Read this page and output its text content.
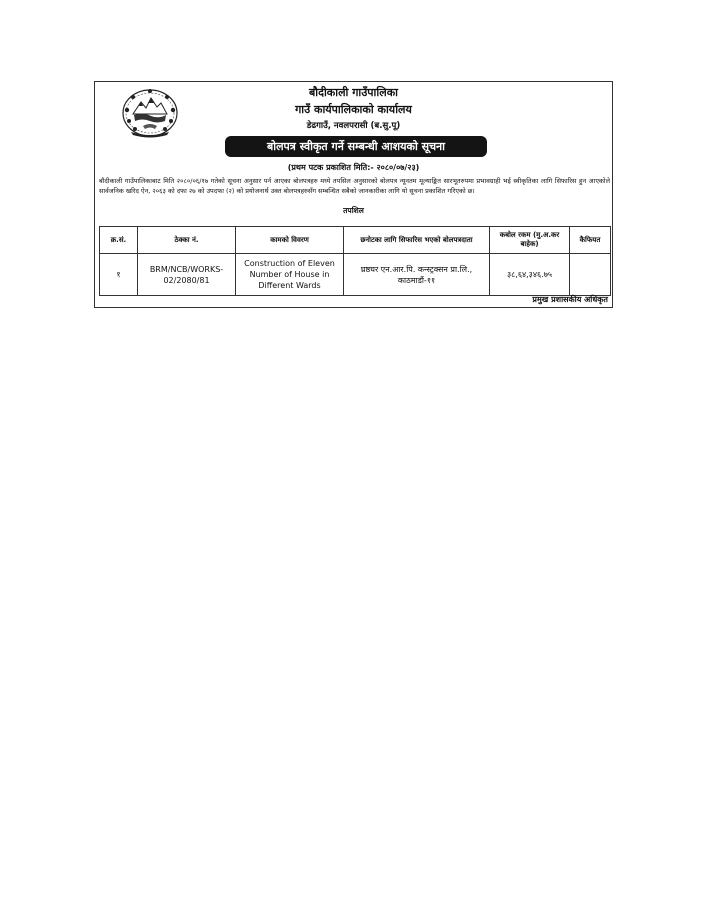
बौदीकाली गाउँपालिका
गाउँ कार्यपालिकाको कार्यालय
डेढगाउँ, नवलपरासी (ब.सु.पू)
बोलपत्र स्वीकृत गर्ने सम्बन्धी आशयको सूचना
(प्रथम पटक प्रकाशित मिति:- २०८०/०७/२३)
बौदीकाली गाउँपालिकाबाट मिति २०८०/०६/१७ गतेको सूचना अनुसार पर्न आएका बोलपत्रहरु मध्ये तपसिल अनुसारको बोलपत्र न्यूनतम मूल्याङ्कित सारभूतरुपमा प्रभावग्राही भई स्वीकृतिका लागि सिफारिस हुन आएकोले सार्वजनिक खरिद ऐन, २०६३ को दफा २७ को उपदफा (२) को प्रयोजनार्थ उक्त बोलपत्रहरुसँग सम्बन्धित सबैको जानकारीका लागि यो सूचना प्रकाशित गरिएको छ।
तपशिल
क्र.सं.	ठेक्का नं.	कामको विवरण	छनोटका लागि सिफारिस भएको बोलपत्रदाता	कबोल रकम (मु.अ.कर बाहेक)	कैफियत
१	BRM/NCB/WORKS-02/2080/81	Construction of Eleven Number of House in Different Wards	घ्रष्ठघर एन.आर.पि. कन्स्ट्रक्सन प्रा.लि., काठमाडौं-११	३८,६४,३४६.७५	
प्रमुख प्रशासकीय अधिकृत
